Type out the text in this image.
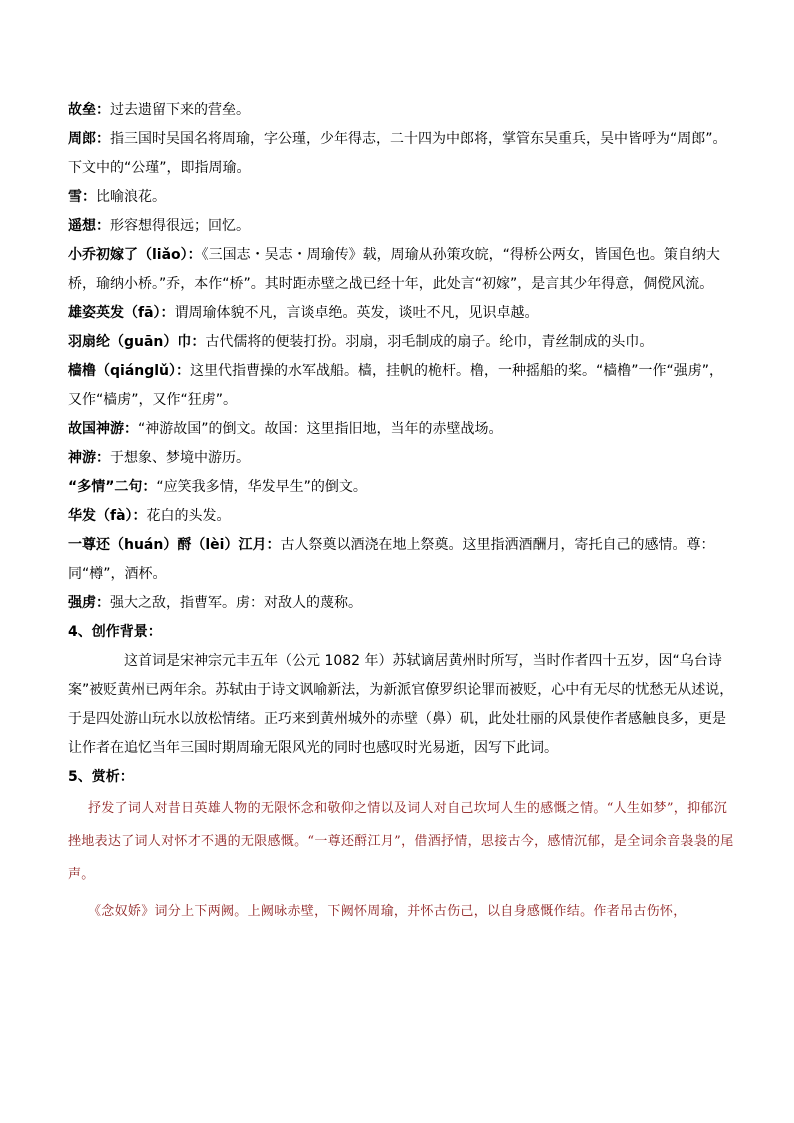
故垒：过去遗留下来的营垒。

周郎：指三国时吴国名将周瑜，字公瑾，少年得志，二十四为中郎将，掌管东吴重兵，吴中皆呼为“周郎”。下文中的“公瑾”，即指周瑜。

雪：比喻浪花。

遥想：形容想得很远；回忆。

小乔初嫁了（liǎo）：《三国志・吴志・周瑜传》载，周瑜从孙策攻皖，“得桥公两女，皆国色也。策自纳大桥，瑜纳小桥。”乔，本作“桥”。其时距赤壁之战已经十年，此处言“初嫁”，是言其少年得意，倜傥风流。

雄姿英发（fā）：谓周瑜体貌不凡，言谈卓绝。英发，谈吐不凡，见识卓越。

羽扇纶（guān）巾：古代儒将的便装打扮。羽扇，羽毛制成的扇子。纶巾，青丝制成的头巾。

樯橹（qiánglǔ）：这里代指曹操的水军战船。樯，挂帆的桅杆。橹，一种摇船的桨。“樯橹”一作“强虏”，又作“樯虏”，又作“狂虏”。

故国神游：“神游故国”的倒文。故国：这里指旧地，当年的赤壁战场。

神游：于想象、梦境中游历。

“多情”二句：“应笑我多情，华发早生”的倒文。

华发（fà）：花白的头发。

一尊还（huán）酹（lèi）江月：古人祭奠以酒浇在地上祭奠。这里指洒酒酬月，寄托自己的感情。尊：同“樽”，酒杯。

强虏：强大之敌，指曹军。虏：对敌人的蔑称。

4、创作背景：

这首词是宋神宗元丰五年（公元 1082 年）苏轼谪居黄州时所写，当时作者四十五岁，因“乌台诗案”被贬黄州已两年余。苏轼由于诗文讽喻新法，为新派官僚罗织论罪而被贬，心中有无尽的忧愁无从述说，于是四处游山玩水以放松情绪。正巧来到黄州城外的赤壁（鼻）矶，此处壮丽的风景使作者感触良多，更是让作者在追忆当年三国时期周瑜无限风光的同时也感叹时光易逝，因写下此词。

5、赏析：

抒发了词人对昔日英雄人物的无限怀念和敬仰之情以及词人对自己坎坷人生的感慨之情。“人生如梦”，抑郁沉挫地表达了词人对怀才不遇的无限感慨。“一尊还酹江月”，借酒抒情，思接古今，感情沉郁，是全词余音袅袅的尾声。

《念奴娇》词分上下两阙。上阙咏赤壁，下阙怀周瑜，并怀古伤己，以自身感慨作结。作者吊古伤怀，
